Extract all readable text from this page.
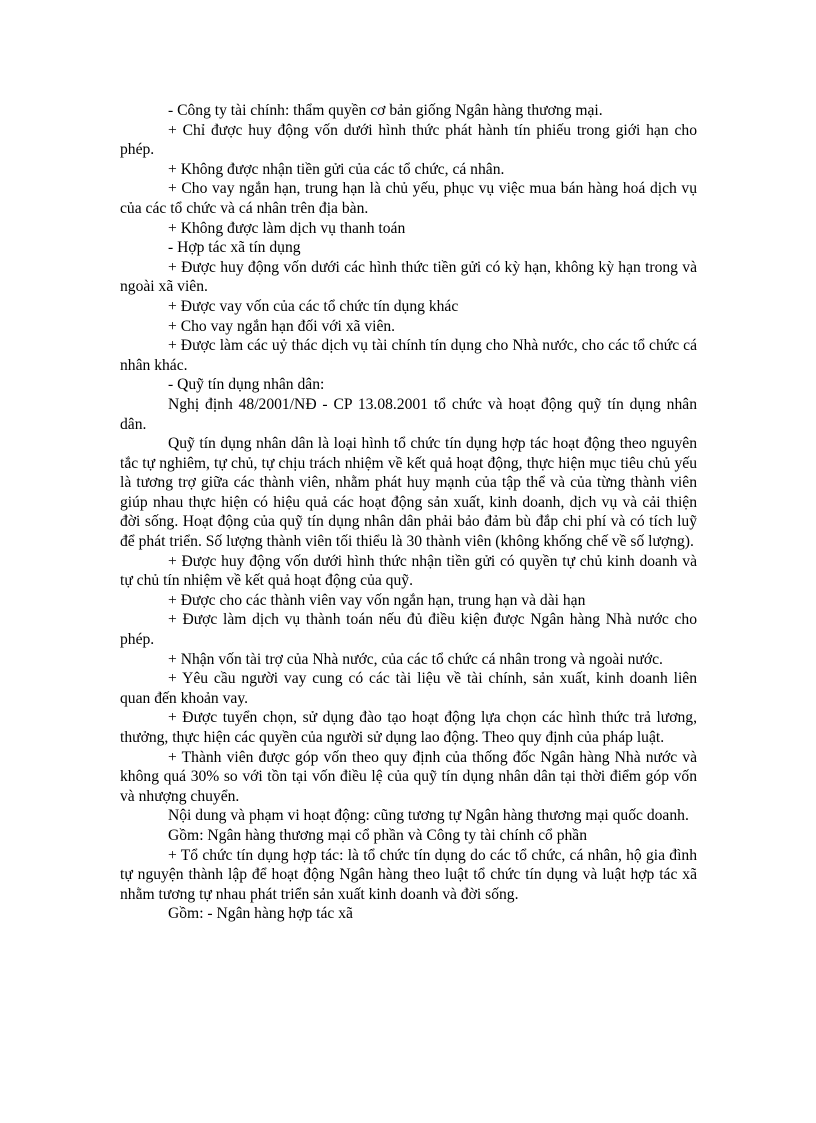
- Công ty tài chính: thẩm quyền cơ bản giống Ngân hàng thương mại.

+ Chỉ được huy động vốn dưới hình thức phát hành tín phiếu trong giới hạn cho phép.

+ Không được nhận tiền gửi của các tổ chức, cá nhân.

+ Cho vay ngắn hạn, trung hạn là chủ yếu, phục vụ việc mua bán hàng hoá dịch vụ của các tổ chức và cá nhân trên địa bàn.

+ Không được làm dịch vụ thanh toán

- Hợp tác xã tín dụng

+ Được huy động vốn dưới các hình thức tiền gửi có kỳ hạn, không kỳ hạn trong và ngoài xã viên.

+ Được vay vốn của các tổ chức tín dụng khác

+ Cho vay ngắn hạn đối với xã viên.

+ Được làm các uỷ thác dịch vụ tài chính tín dụng cho Nhà nước, cho các tổ chức cá nhân khác.

- Quỹ tín dụng nhân dân:

Nghị định 48/2001/NĐ - CP 13.08.2001 tổ chức và hoạt động quỹ tín dụng nhân dân.

Quỹ tín dụng nhân dân là loại hình tổ chức tín dụng hợp tác hoạt động theo nguyên tắc tự nghiêm, tự chủ, tự chịu trách nhiệm về kết quả hoạt động, thực hiện mục tiêu chủ yếu là tương trợ giữa các thành viên, nhằm phát huy mạnh của tập thể và của từng thành viên giúp nhau thực hiện có hiệu quả các hoạt động sản xuất, kinh doanh, dịch vụ và cải thiện đời sống. Hoạt động của quỹ tín dụng nhân dân phải bảo đảm bù đắp chi phí và có tích luỹ để phát triển. Số lượng thành viên tối thiểu là 30 thành viên (không khống chế về số lượng).

+ Được huy động vốn dưới hình thức nhận tiền gửi có quyền tự chủ kinh doanh và tự chủ tín nhiệm về kết quả hoạt động của quỹ.

+ Được cho các thành viên vay vốn ngắn hạn, trung hạn và dài hạn

+ Được làm dịch vụ thành toán nếu đủ điều kiện được Ngân hàng Nhà nước cho phép.

+ Nhận vốn tài trợ của Nhà nước, của các tổ chức cá nhân trong và ngoài nước.

+ Yêu cầu người vay cung có các tài liệu về tài chính, sản xuất, kinh doanh liên quan đến khoản vay.

+ Được tuyển chọn, sử dụng đào tạo hoạt động lựa chọn các hình thức trả lương, thưởng, thực hiện các quyền của người sử dụng lao động. Theo quy định của pháp luật.

+ Thành viên được góp vốn theo quy định của thống đốc Ngân hàng Nhà nước và không quá 30% so với tồn tại vốn điều lệ của quỹ tín dụng nhân dân tại thời điểm góp vốn và nhượng chuyển.

Nội dung và phạm vi hoạt động: cũng tương tự Ngân hàng thương mại quốc doanh.

Gồm: Ngân hàng thương mại cổ phần và Công ty tài chính cổ phần

+ Tổ chức tín dụng hợp tác: là tổ chức tín dụng do các tổ chức, cá nhân, hộ gia đình tự nguyện thành lập để hoạt động Ngân hàng theo luật tổ chức tín dụng và luật hợp tác xã nhằm tương tự nhau phát triển sản xuất kinh doanh và đời sống.

Gồm: - Ngân hàng hợp tác xã
